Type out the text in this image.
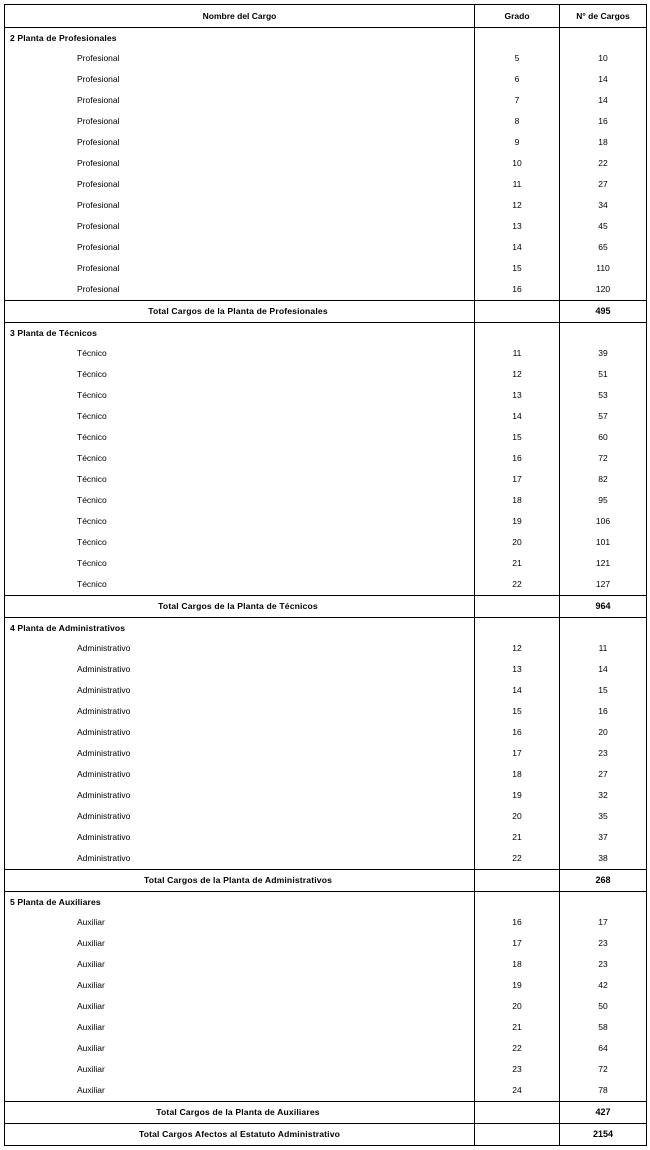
Nombre del Cargo	Grado	N° de Cargos
2 Planta de Profesionales		
Profesional	5	10
Profesional	6	14
Profesional	7	14
Profesional	8	16
Profesional	9	18
Profesional	10	22
Profesional	11	27
Profesional	12	34
Profesional	13	45
Profesional	14	65
Profesional	15	110
Profesional	16	120
Total Cargos de la Planta de Profesionales		495
3 Planta de Técnicos		
Técnico	11	39
Técnico	12	51
Técnico	13	53
Técnico	14	57
Técnico	15	60
Técnico	16	72
Técnico	17	82
Técnico	18	95
Técnico	19	106
Técnico	20	101
Técnico	21	121
Técnico	22	127
Total Cargos de la Planta de Técnicos		964
4 Planta de Administrativos		
Administrativo	12	11
Administrativo	13	14
Administrativo	14	15
Administrativo	15	16
Administrativo	16	20
Administrativo	17	23
Administrativo	18	27
Administrativo	19	32
Administrativo	20	35
Administrativo	21	37
Administrativo	22	38
Total Cargos de la Planta de Administrativos		268
5 Planta de Auxiliares		
Auxiliar	16	17
Auxiliar	17	23
Auxiliar	18	23
Auxiliar	19	42
Auxiliar	20	50
Auxiliar	21	58
Auxiliar	22	64
Auxiliar	23	72
Auxiliar	24	78
Total Cargos de la Planta de Auxiliares		427
Total Cargos Afectos al Estatuto Administrativo		2154
